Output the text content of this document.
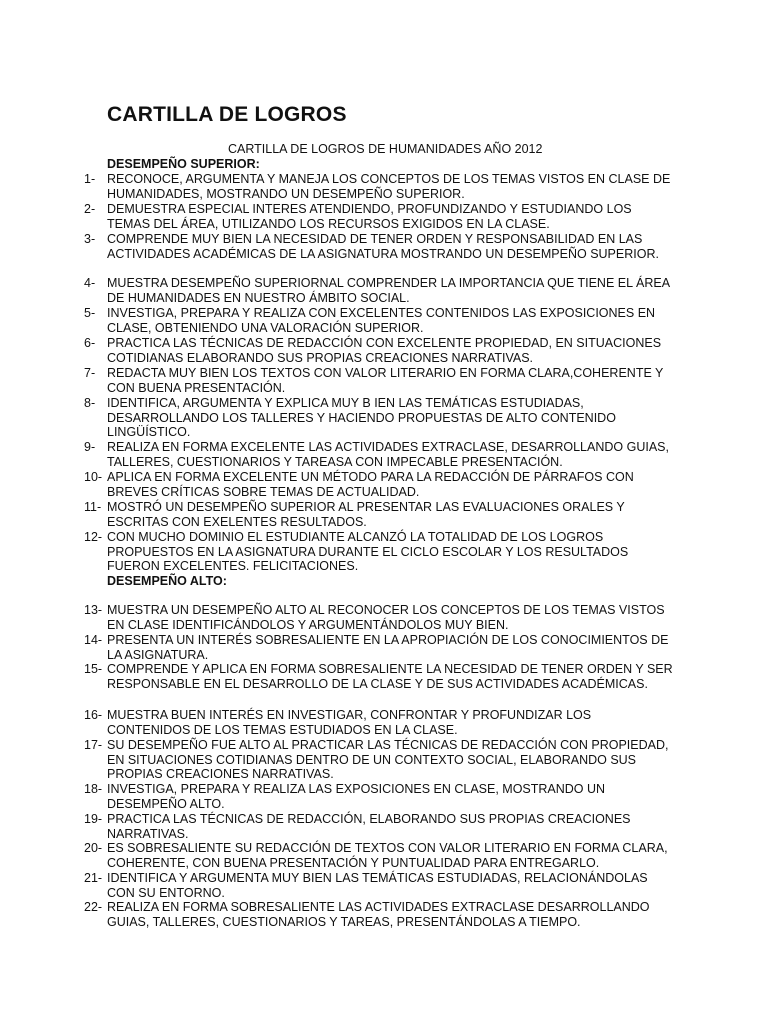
CARTILLA DE LOGROS
CARTILLA DE LOGROS DE HUMANIDADES AÑO 2012
DESEMPEÑO SUPERIOR:
1- RECONOCE, ARGUMENTA Y MANEJA LOS CONCEPTOS DE LOS TEMAS VISTOS EN CLASE DE HUMANIDADES, MOSTRANDO UN DESEMPEÑO SUPERIOR.
2- DEMUESTRA ESPECIAL INTERES ATENDIENDO, PROFUNDIZANDO Y ESTUDIANDO LOS TEMAS DEL ÁREA, UTILIZANDO LOS RECURSOS EXIGIDOS EN LA CLASE.
3- COMPRENDE MUY BIEN LA NECESIDAD DE TENER ORDEN Y RESPONSABILIDAD EN LAS ACTIVIDADES ACADÉMICAS DE LA ASIGNATURA MOSTRANDO UN DESEMPEÑO SUPERIOR.
4- MUESTRA DESEMPEÑO SUPERIORNAL COMPRENDER LA IMPORTANCIA QUE TIENE EL ÁREA DE HUMANIDADES EN NUESTRO ÁMBITO SOCIAL.
5- INVESTIGA, PREPARA Y REALIZA CON EXCELENTES CONTENIDOS LAS EXPOSICIONES EN CLASE, OBTENIENDO UNA VALORACIÓN SUPERIOR.
6- PRACTICA LAS TÉCNICAS DE REDACCIÓN CON EXCELENTE PROPIEDAD, EN SITUACIONES COTIDIANAS ELABORANDO SUS PROPIAS CREACIONES NARRATIVAS.
7- REDACTA MUY BIEN LOS TEXTOS CON VALOR LITERARIO EN FORMA CLARA,COHERENTE Y CON BUENA PRESENTACIÓN.
8- IDENTIFICA, ARGUMENTA Y EXPLICA MUY B IEN LAS TEMÁTICAS ESTUDIADAS, DESARROLLANDO LOS TALLERES Y HACIENDO PROPUESTAS DE ALTO CONTENIDO LINGÜÍSTICO.
9- REALIZA EN FORMA EXCELENTE LAS ACTIVIDADES EXTRACLASE, DESARROLLANDO GUIAS, TALLERES, CUESTIONARIOS Y TAREASA CON IMPECABLE PRESENTACIÓN.
10- APLICA EN FORMA EXCELENTE UN MÉTODO PARA LA REDACCIÓN DE PÁRRAFOS CON BREVES CRÍTICAS SOBRE TEMAS DE ACTUALIDAD.
11- MOSTRÓ UN DESEMPEÑO SUPERIOR AL PRESENTAR LAS EVALUACIONES ORALES Y ESCRITAS CON EXELENTES RESULTADOS.
12- CON MUCHO DOMINIO EL ESTUDIANTE ALCANZÓ LA TOTALIDAD DE LOS LOGROS PROPUESTOS EN LA ASIGNATURA DURANTE EL CICLO ESCOLAR Y LOS RESULTADOS FUERON EXCELENTES. FELICITACIONES.
DESEMPEÑO ALTO:
13- MUESTRA UN DESEMPEÑO ALTO AL RECONOCER LOS CONCEPTOS DE LOS TEMAS VISTOS EN CLASE IDENTIFICÁNDOLOS Y ARGUMENTÁNDOLOS MUY BIEN.
14- PRESENTA UN INTERÉS SOBRESALIENTE EN LA APROPIACIÓN DE LOS CONOCIMIENTOS DE LA ASIGNATURA.
15- COMPRENDE Y APLICA EN FORMA SOBRESALIENTE LA NECESIDAD DE TENER ORDEN Y SER RESPONSABLE EN EL DESARROLLO DE LA CLASE Y DE SUS ACTIVIDADES ACADÉMICAS.
16- MUESTRA BUEN INTERÉS EN INVESTIGAR, CONFRONTAR Y PROFUNDIZAR LOS CONTENIDOS DE LOS TEMAS ESTUDIADOS EN LA CLASE.
17- SU DESEMPEÑO FUE ALTO AL PRACTICAR LAS TÉCNICAS DE REDACCIÓN CON PROPIEDAD, EN SITUACIONES COTIDIANAS DENTRO DE UN CONTEXTO SOCIAL, ELABORANDO SUS PROPIAS CREACIONES NARRATIVAS.
18- INVESTIGA, PREPARA Y REALIZA LAS EXPOSICIONES EN CLASE, MOSTRANDO UN DESEMPEÑO ALTO.
19- PRACTICA LAS TÉCNICAS DE REDACCIÓN, ELABORANDO SUS PROPIAS CREACIONES NARRATIVAS.
20- ES SOBRESALIENTE SU REDACCIÓN DE TEXTOS CON VALOR LITERARIO EN FORMA CLARA, COHERENTE, CON BUENA PRESENTACIÓN Y PUNTUALIDAD PARA ENTREGARLO.
21- IDENTIFICA Y ARGUMENTA MUY BIEN LAS TEMÁTICAS ESTUDIADAS, RELACIONÁNDOLAS CON SU ENTORNO.
22- REALIZA EN FORMA SOBRESALIENTE LAS ACTIVIDADES EXTRACLASE DESARROLLANDO GUIAS, TALLERES, CUESTIONARIOS Y TAREAS, PRESENTÁNDOLAS A TIEMPO.
